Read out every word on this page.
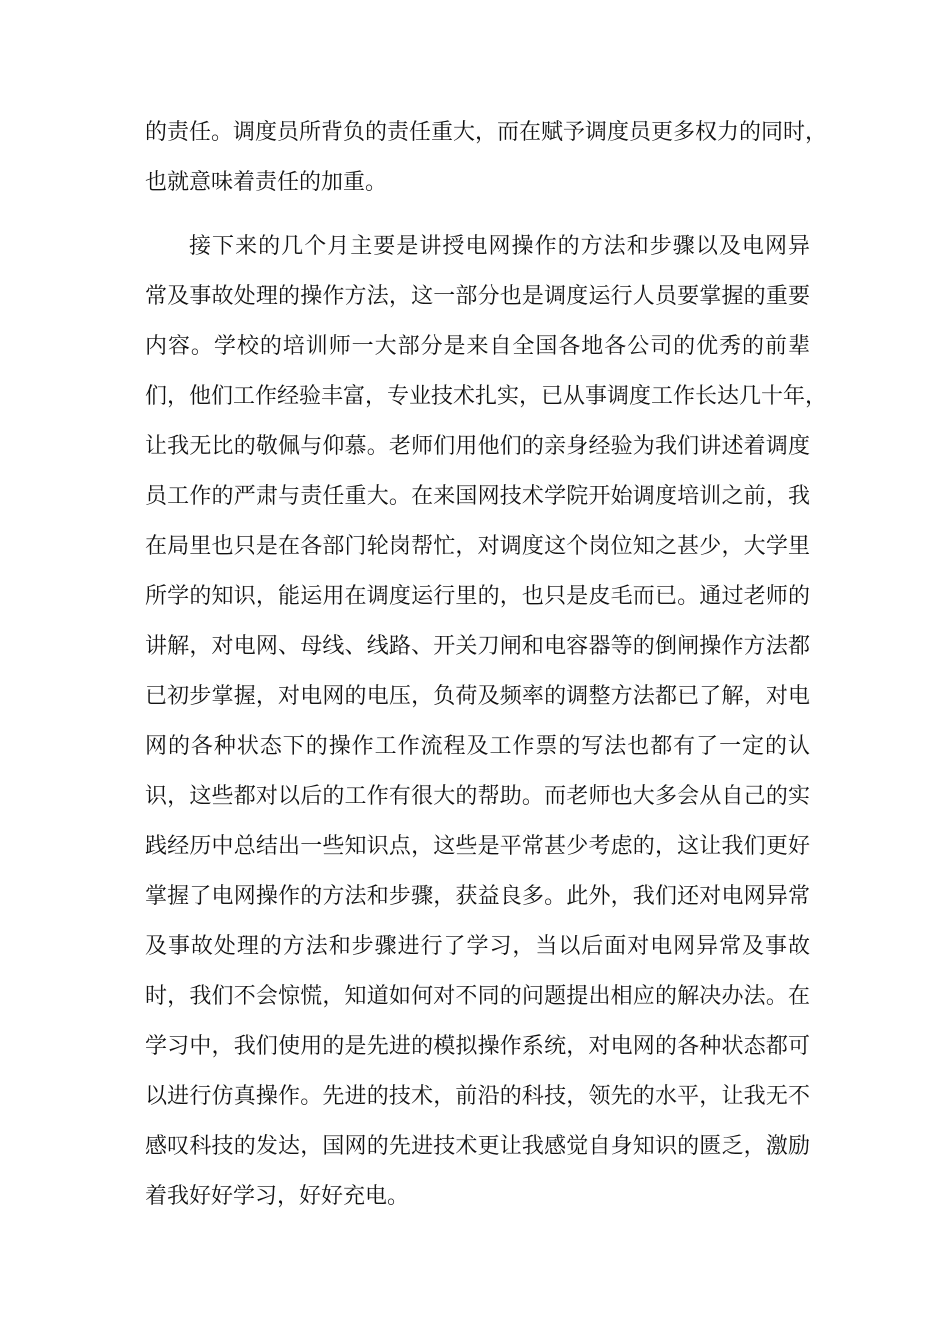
的责任。调度员所背负的责任重大，而在赋予调度员更多权力的同时，
也就意味着责任的加重。
接下来的几个月主要是讲授电网操作的方法和步骤以及电网异
常及事故处理的操作方法，这一部分也是调度运行人员要掌握的重要
内容。学校的培训师一大部分是来自全国各地各公司的优秀的前辈
们，他们工作经验丰富，专业技术扎实，已从事调度工作长达几十年，
让我无比的敬佩与仰慕。老师们用他们的亲身经验为我们讲述着调度
员工作的严肃与责任重大。在来国网技术学院开始调度培训之前，我
在局里也只是在各部门轮岗帮忙，对调度这个岗位知之甚少，大学里
所学的知识，能运用在调度运行里的，也只是皮毛而已。通过老师的
讲解，对电网、母线、线路、开关刀闸和电容器等的倒闸操作方法都
已初步掌握，对电网的电压，负荷及频率的调整方法都已了解，对电
网的各种状态下的操作工作流程及工作票的写法也都有了一定的认
识，这些都对以后的工作有很大的帮助。而老师也大多会从自己的实
践经历中总结出一些知识点，这些是平常甚少考虑的，这让我们更好
掌握了电网操作的方法和步骤，获益良多。此外，我们还对电网异常
及事故处理的方法和步骤进行了学习，当以后面对电网异常及事故
时，我们不会惊慌，知道如何对不同的问题提出相应的解决办法。在
学习中，我们使用的是先进的模拟操作系统，对电网的各种状态都可
以进行仿真操作。先进的技术，前沿的科技，领先的水平，让我无不
感叹科技的发达，国网的先进技术更让我感觉自身知识的匮乏，激励
着我好好学习，好好充电。
